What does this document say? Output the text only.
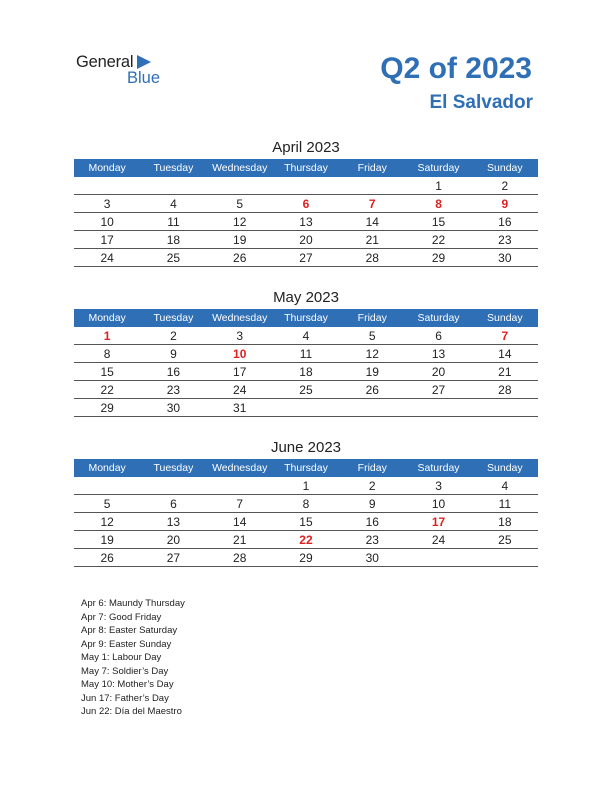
General
Blue	Q2 of 2023
El Salvador
April 2023
Monday	Tuesday	Wednesday	Thursday	Friday	Saturday	Sunday
					1	2
3	4	5	6	7	8	9
10	11	12	13	14	15	16
17	18	19	20	21	22	23
24	25	26	27	28	29	30
May 2023
Monday	Tuesday	Wednesday	Thursday	Friday	Saturday	Sunday
1	2	3	4	5	6	7
8	9	10	11	12	13	14
15	16	17	18	19	20	21
22	23	24	25	26	27	28
29	30	31				
June 2023
Monday	Tuesday	Wednesday	Thursday	Friday	Saturday	Sunday
			1	2	3	4
5	6	7	8	9	10	11
12	13	14	15	16	17	18
19	20	21	22	23	24	25
26	27	28	29	30		
Apr 6: Maundy Thursday
Apr 7: Good Friday
Apr 8: Easter Saturday
Apr 9: Easter Sunday
May 1: Labour Day
May 7: Soldier’s Day
May 10: Mother’s Day
Jun 17: Father’s Day
Jun 22: Día del Maestro
